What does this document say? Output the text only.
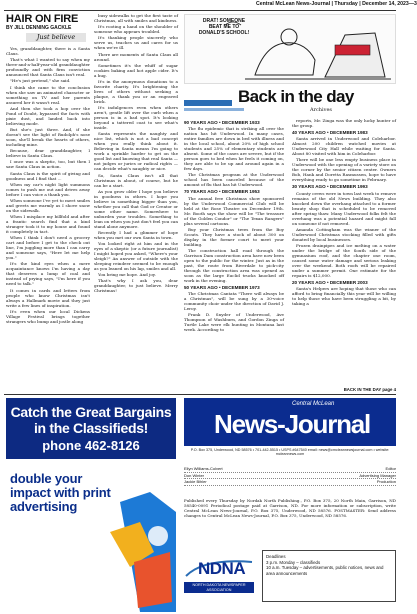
Central McLean News-Journal | Thursday | December 14, 2023—3
HAIR ON FIRE
BY JILL DENNING GACKLE
Just believe

Yes, granddaughter, there is a Santa Claus.

That's what I wanted to say when my three-and-a-half-year-old granddaughter profoundly and with firm conviction announced that Santa Claus isn't real.

"He's just pretend," she said.

I think she came to the conclusion when she saw an animated character or something on TV and her parents assured her it wasn't real.

And then she took a hop over the Pond of Doubt, bypassed the facts with pixie dust, and landed back into believing mode.

But she's just three. And, if she doesn't see the light of Rudolph's nose soon, she'll break the hearts of others, including mine.

Because, dear granddaughter, I believe in Santa Claus.

I once was a skeptic, too, but then I saw Santa Claus in action.

Santa Claus is the spirit of giving and goodness and I find that ...

When my car's night light summons comes to push me out and drives away before I can voice a thank you.

When someone I've yet to meet smiles and greets me warmly as I shove snow on the sidewalk.

When I misplace my billfold and after a frantic search find that a kind stranger took it to my house and found it completely in tact.

When I think I don't need a grocery cart and before I get to the check out line, I'm juggling more than I can carry and someone says, "Here let me help you."

It's the kind eyes when a mere acquaintance knows I'm having a day that deserves a lump of coal and instead of prying says, "I'm here if you need to talk."

It comes in cards and letters from people who know Christmas isn't always a Hallmark movie and they just write a few lines of inspiration.

It's even when our local Dickens Village Festival brings together strangers who bump and jostle along

busy sidewalks to get the first taste of Christmas, all with smiles and kindness.

It's rooting a hand on the shoulder of someone who appears troubled.

It's thanking people sincerely who serve us, teaches us and cares for us when we're ill.

There are moments of Santa Claus all around.

Sometimes it's the whiff of sugar cookies baking and hot apple cider. It's a hug.

It's in the anonymous donations to a favorite charity. It's brightening the lives of others without seeking a plaque, a thank you or an engraved brick.

It's indulgences even when others aren't, gentle lift over the curb when a person is in a bad spot. It's looking beyond a tattered coat to see what's inside.

Santa represents the naughty and nice list, which is not a bad concept when you really think about it. Believing in Santa means I'm going to work a sprinkle harder to get on the good list and knowing that real Santa — not judges or juries or radical rights — can decide what's naughty or nice.

So, Santa Claus isn't all that Christmas is about, of course, but he can be a start.

As you grow older I hope you believe in goodness in others. I hope you believe in something bigger than you, whether you call that God or Creator or some other name. Somewhere to unburden your troubles. Something to lean on when you just don't feel you can stand alone anymore.

Recently I had a glimmer of hope when you met our own Santa in town.

You looked right at him and in the eyes of a skeptic (or a future journalist) I might hoped you asked, "Where's your sleigh?" An answer of outside with the sleeping reindeer seemed to be enough as you leaned on his lap, smiles and all.

You bring me hope. And joy.

That's why I ask you, dear granddaughter, to just believe. Merry Christmas!

DRAT! SOMEONE BEAT ME TO DONALD'S SCHOOL!
Back in the day
Archives

90 YEARS AGO • DECEMBER 1933

The flu epidemic that is striking all over the nation has hit Underwood. In many cases, entire families are down in bed with illness and in the local school, about 20% of high school students and 25% of elementary students are absent. Some of the cases are severe, but if the person goes to bed when he feels it coming on, they are able to be up and around again in a few days.

The Christmas program at the Underwood school has been canceled because of the amount of flu that has hit Underwood.

70 YEARS AGO • DECEMBER 1953

The annual free Christmas show sponsored by the Underwood Commercial Club will be held at the Rose Theatre on December 19th. Mr. Booth says the show will be "The treasure of the Golden Condor" or "The Texan Rangers" plus several cartoons.

Buy your Christmas trees from the Boy Scouts. They have a stock of about 300 on display in the former court to meet your building.

The construction hall road through the Garrison Dam construction area have now been open to the public for the winter. Just as in the past, the route from Riverdale to pick-city through the construction area was opened as soon as the large Euclid trucks knocked off work in the evening.

50 YEARS AGO • DECEMBER 1973

The Christmas Cantata "There will always be a Christmas", will be sung by a 30-voice community choir under the direction of David J. Leroy.

Frank D. Snyder of Underwood, Ave Thompson of Washburn, and Gordon Zinga of Turtle Lake were elk hunting in Montana last week. According to

reports, Mr. Zinga was the only lucky hunter of the group.

40 YEARS AGO • DECEMBER 1983

Santa arrived in Underwood and Coleharbor. Almost 200 children watched movies at Underwood City Hall while waiting for Santa. About 80 visited with him in Coleharbor.

There will be one less empty business place in Underwood with the opening of a variety store on the corner by the senior citizen center. Owners Bob, Hank and Doretta Rasmussen, hope to have everything ready to go sometime in February.

30 YEARS AGO • DECEMBER 1993

County crews were in town last week to remove remains of the old News building. They also knocked down the overhang attached to a former beauty shop that is scheduled to be removed after spring thaw. Many Underwood folks felt the overhang was a potential hazard and might fall on someone if not removed.

Amanda Cottingham was the winner of the Underwood Christmas stocking filled with gifts donated by local businesses.

Frozen drainpipes and ice melting on a water under the bridge of the South side of the gymnasium roof, and the chapter one room, caused some water damage and serious leaking over the weekend. Both roofs will be repaired under a summer permit. One estimate for the repairs is $12,000.

20 YEARS AGO • DECEMBER 2003

Santa's Helpers are hoping that those who can afford to bring financially this year will be willing to help those who have been struggling a bit, by taking a

BACK IN THE DAY page 4
Catch the Great Bargains
in the Classifieds!
phone 462-8126
double your impact with print advertising
Central McLean
News-Journal
P.O. Box 375, Underwood, ND 58576 • 701-442-5515 • USPS #647540 email: news@cmcleannewsjournal.com • website: mcleannews.com
Ellyn Williams-Colvert	Editor
Don Winter	Advertising Manager
Jackie Bihler	Production
Published every Thursday by Nordak North Publishing., P.O. Box 375, 20 North Main, Garrison, ND 58540-0091 Periodical postage paid at Garrison, ND. For more information or subscription, write Central McLean News-Journal, P.O. Box 375, Underwood, ND 58576. POSTMASTER: Send address changes to Central McLean News-Journal, P.O. Box 375, Underwood, ND 58576.
NDNA
NORTH DAKOTA NEWSPAPER ASSOCIATION
Deadlines
3 p.m. Monday – classifieds
10 a.m. Tuesday – advertisements, public notices, news and area announcements
